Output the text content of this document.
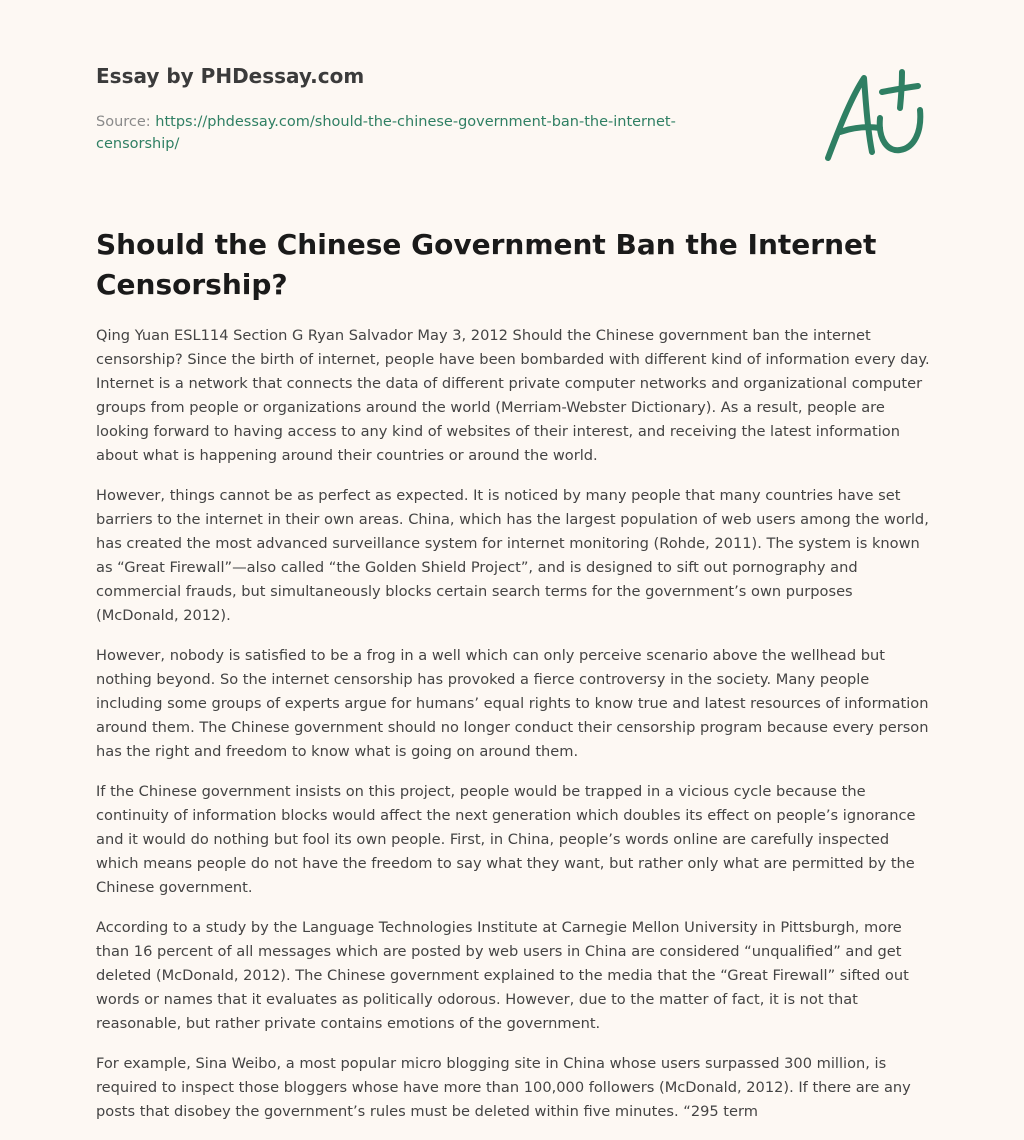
Essay by PHDessay.com

Source: https://phdessay.com/should-the-chinese-government-ban-the-internet-censorship/

Should the Chinese Government Ban the Internet Censorship?

Qing Yuan ESL114 Section G Ryan Salvador May 3, 2012 Should the Chinese government ban the internet censorship? Since the birth of internet, people have been bombarded with different kind of information every day. Internet is a network that connects the data of different private computer networks and organizational computer groups from people or organizations around the world (Merriam-Webster Dictionary). As a result, people are looking forward to having access to any kind of websites of their interest, and receiving the latest information about what is happening around their countries or around the world.

However, things cannot be as perfect as expected. It is noticed by many people that many countries have set barriers to the internet in their own areas. China, which has the largest population of web users among the world, has created the most advanced surveillance system for internet monitoring (Rohde, 2011). The system is known as “Great Firewall”—also called “the Golden Shield Project”, and is designed to sift out pornography and commercial frauds, but simultaneously blocks certain search terms for the government’s own purposes (McDonald, 2012).

However, nobody is satisfied to be a frog in a well which can only perceive scenario above the wellhead but nothing beyond. So the internet censorship has provoked a fierce controversy in the society. Many people including some groups of experts argue for humans’ equal rights to know true and latest resources of information around them. The Chinese government should no longer conduct their censorship program because every person has the right and freedom to know what is going on around them.

If the Chinese government insists on this project, people would be trapped in a vicious cycle because the continuity of information blocks would affect the next generation which doubles its effect on people’s ignorance and it would do nothing but fool its own people. First, in China, people’s words online are carefully inspected which means people do not have the freedom to say what they want, but rather only what are permitted by the Chinese government.

According to a study by the Language Technologies Institute at Carnegie Mellon University in Pittsburgh, more than 16 percent of all messages which are posted by web users in China are considered “unqualified” and get deleted (McDonald, 2012). The Chinese government explained to the media that the “Great Firewall” sifted out words or names that it evaluates as politically odorous. However, due to the matter of fact, it is not that reasonable, but rather private contains emotions of the government.

For example, Sina Weibo, a most popular micro blogging site in China whose users surpassed 300 million, is required to inspect those bloggers whose have more than 100,000 followers (McDonald, 2012). If there are any posts that disobey the government’s rules must be deleted within five minutes. “295 term
